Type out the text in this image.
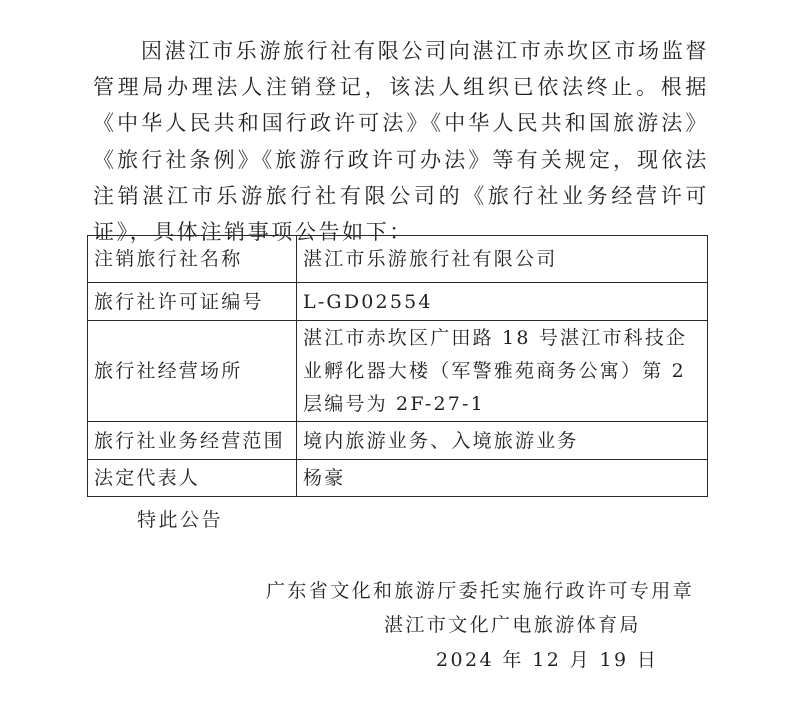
因湛江市乐游旅行社有限公司向湛江市赤坎区市场监督管理局办理法人注销登记，该法人组织已依法终止。根据《中华人民共和国行政许可法》《中华人民共和国旅游法》《旅行社条例》《旅游行政许可办法》等有关规定，现依法注销湛江市乐游旅行社有限公司的《旅行社业务经营许可证》，具体注销事项公告如下：

注销旅行社名称	湛江市乐游旅行社有限公司
旅行社许可证编号	L-GD02554
旅行社经营场所	湛江市赤坎区广田路 18 号湛江市科技企业孵化器大楼（军警雅苑商务公寓）第 2 层编号为 2F-27-1
旅行社业务经营范围	境内旅游业务、入境旅游业务
法定代表人	杨豪
特此公告
广东省文化和旅游厅委托实施行政许可专用章
湛江市文化广电旅游体育局
2024 年 12 月 19 日
